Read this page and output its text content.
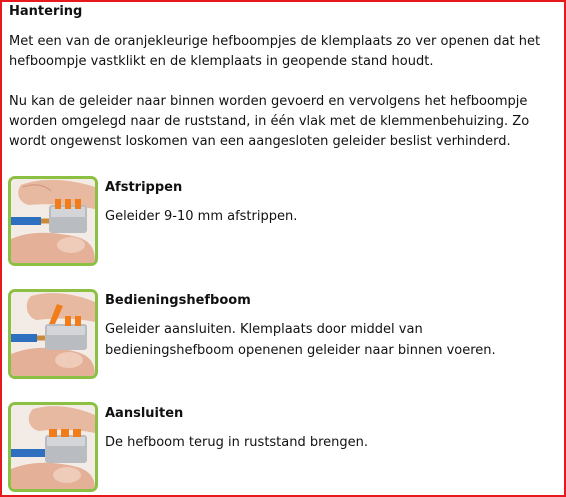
Hantering

Met een van de oranjekleurige hefboompjes de klemplaats zo ver openen dat het hefboompje vastklikt en de klemplaats in geopende stand houdt.

Nu kan de geleider naar binnen worden gevoerd en vervolgens het hefboompje worden omgelegd naar de ruststand, in één vlak met de klemmenbehuizing. Zo wordt ongewenst loskomen van een aangesloten geleider beslist verhinderd.

Afstrippen
Geleider 9-10 mm afstrippen.
Bedieningshefboom
Geleider aansluiten. Klemplaats door middel van bedieningshefboom openenen geleider naar binnen voeren.
Aansluiten
De hefboom terug in ruststand brengen.
